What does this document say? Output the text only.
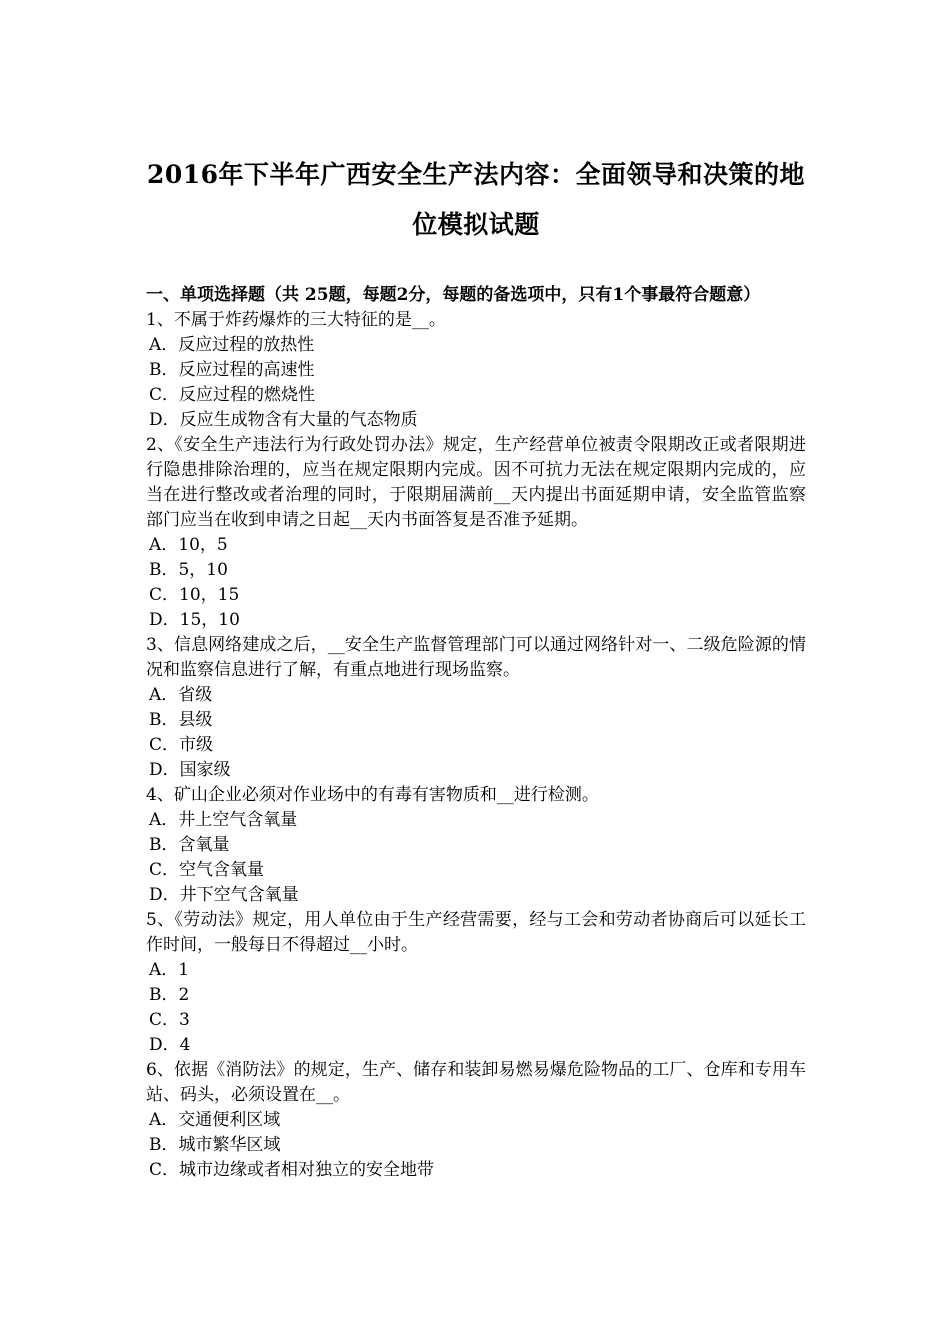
2016年下半年广西安全生产法内容：全面领导和决策的地
位模拟试题

一、单项选择题（共 25题，每题2分，每题的备选项中，只有1个事最符合题意）

1、不属于炸药爆炸的三大特征的是__。

A．反应过程的放热性
B．反应过程的高速性
C．反应过程的燃烧性
D．反应生成物含有大量的气态物质

2、《安全生产违法行为行政处罚办法》规定，生产经营单位被责令限期改正或者限期进行隐患排除治理的，应当在规定限期内完成。因不可抗力无法在规定限期内完成的，应当在进行整改或者治理的同时，于限期届满前__天内提出书面延期申请，安全监管监察部门应当在收到申请之日起__天内书面答复是否准予延期。

A．10，5
B．5，10
C．10，15
D．15，10

3、信息网络建成之后，__安全生产监督管理部门可以通过网络针对一、二级危险源的情况和监察信息进行了解，有重点地进行现场监察。

A．省级
B．县级
C．市级
D．国家级

4、矿山企业必须对作业场中的有毒有害物质和__进行检测。

A．井上空气含氧量
B．含氧量
C．空气含氧量
D．井下空气含氧量

5、《劳动法》规定，用人单位由于生产经营需要，经与工会和劳动者协商后可以延长工作时间，一般每日不得超过__小时。

A．1
B．2
C．3
D．4

6、依据《消防法》的规定，生产、储存和装卸易燃易爆危险物品的工厂、仓库和专用车站、码头，必须设置在__。

A．交通便利区域
B．城市繁华区域
C．城市边缘或者相对独立的安全地带
